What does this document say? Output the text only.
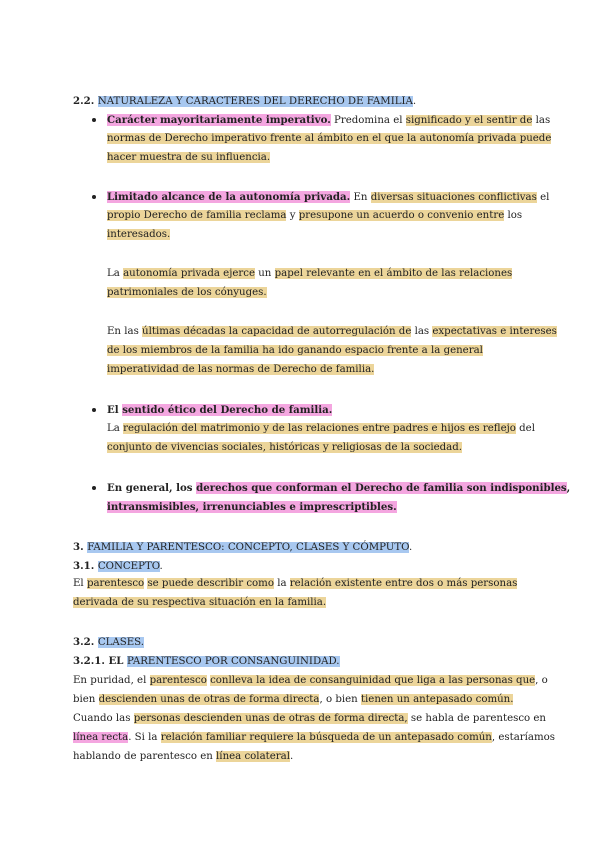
2.2. NATURALEZA Y CARACTERES DEL DERECHO DE FAMILIA.
Carácter mayoritariamente imperativo. Predomina el significado y el sentir de las
normas de Derecho imperativo frente al ámbito en el que la autonomía privada puede
hacer muestra de su influencia.
Limitado alcance de la autonomía privada. En diversas situaciones conflictivas el
propio Derecho de familia reclama y presupone un acuerdo o convenio entre los
interesados.
La autonomía privada ejerce un papel relevante en el ámbito de las relaciones
patrimoniales de los cónyuges.
En las últimas décadas la capacidad de autorregulación de las expectativas e intereses
de los miembros de la familia ha ido ganando espacio frente a la general
imperatividad de las normas de Derecho de familia.
El sentido ético del Derecho de familia.
La regulación del matrimonio y de las relaciones entre padres e hijos es reflejo del
conjunto de vivencias sociales, históricas y religiosas de la sociedad.
En general, los derechos que conforman el Derecho de familia son indisponibles,
intransmisibles, irrenunciables e imprescriptibles.
3. FAMILIA Y PARENTESCO: CONCEPTO, CLASES Y CÓMPUTO.
3.1. CONCEPTO.
El parentesco se puede describir como la relación existente entre dos o más personas
derivada de su respectiva situación en la familia.
3.2. CLASES.
3.2.1. EL PARENTESCO POR CONSANGUINIDAD.
En puridad, el parentesco conlleva la idea de consanguinidad que liga a las personas que, o
bien descienden unas de otras de forma directa, o bien tienen un antepasado común.
Cuando las personas descienden unas de otras de forma directa, se habla de parentesco en
línea recta. Si la relación familiar requiere la búsqueda de un antepasado común, estaríamos
hablando de parentesco en línea colateral.
